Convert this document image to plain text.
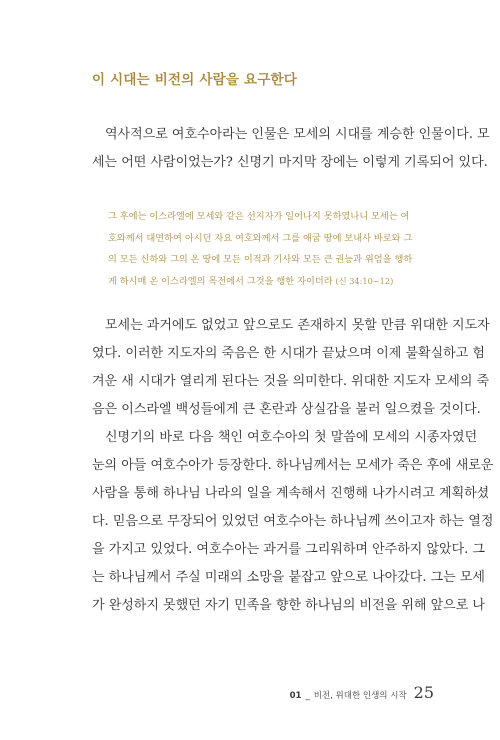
이 시대는 비전의 사람을 요구한다
역사적으로 여호수아라는 인물은 모세의 시대를 계승한 인물이다. 모
세는 어떤 사람이었는가? 신명기 마지막 장에는 이렇게 기록되어 있다.
그 후에는 이스라엘에 모세와 같은 선지자가 일어나지 못하였나니 모세는 여
호와께서 대면하여 아시던 자요 여호와께서 그를 애굽 땅에 보내사 바로와 그
의 모든 신하와 그의 온 땅에 모든 이적과 기사와 모든 큰 권능과 위엄을 행하
게 하시매 온 이스라엘의 목전에서 그것을 행한 자이더라 (신 34:10~12)
모세는 과거에도 없었고 앞으로도 존재하지 못할 만큼 위대한 지도자
였다. 이러한 지도자의 죽음은 한 시대가 끝났으며 이제 불확실하고 험
겨운 새 시대가 열리게 된다는 것을 의미한다. 위대한 지도자 모세의 죽
음은 이스라엘 백성들에게 큰 혼란과 상실감을 불러 일으켰을 것이다.
신명기의 바로 다음 책인 여호수아의 첫 말씀에 모세의 시종자였던
눈의 아들 여호수아가 등장한다. 하나님께서는 모세가 죽은 후에 새로운
사람을 통해 하나님 나라의 일을 계속해서 진행해 나가시려고 계획하셨
다. 믿음으로 무장되어 있었던 여호수아는 하나님께 쓰이고자 하는 열정
을 가지고 있었다. 여호수아는 과거를 그리워하며 안주하지 않았다. 그
는 하나님께서 주실 미래의 소망을 붙잡고 앞으로 나아갔다. 그는 모세
가 완성하지 못했던 자기 민족을 향한 하나님의 비전을 위해 앞으로 나
01 _ 비전, 위대한 인생의 시작 25
